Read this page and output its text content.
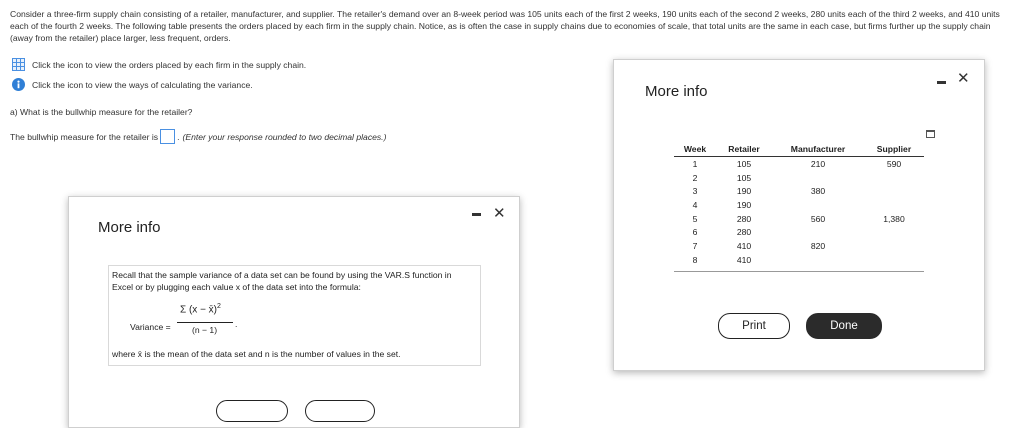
Consider a three-firm supply chain consisting of a retailer, manufacturer, and supplier. The retailer's demand over an 8-week period was 105 units each of the first 2 weeks, 190 units each of the second 2 weeks, 280 units each of the third 2 weeks, and 410 units each of the fourth 2 weeks. The following table presents the orders placed by each firm in the supply chain. Notice, as is often the case in supply chains due to economies of scale, that total units are the same in each case, but firms further up the supply chain (away from the retailer) place larger, less frequent, orders.
Click the icon to view the orders placed by each firm in the supply chain.
Click the icon to view the ways of calculating the variance.
a) What is the bullwhip measure for the retailer?
The bullwhip measure for the retailer is . (Enter your response rounded to two decimal places.)
More info
✕
Recall that the sample variance of a data set can be found by using the VAR.S function in Excel or by plugging each value x of the data set into the formula:
Variance =
Σ (x − x̄)$^2$
(n − 1)
.
where x̄ is the mean of the data set and n is the number of values in the set.
More info
✕
Week	Retailer	Manufacturer	Supplier
1	105	210	590
2	105		
3	190	380	
4	190		
5	280	560	1,380
6	280		
7	410	820	
8	410		
Print	Done
